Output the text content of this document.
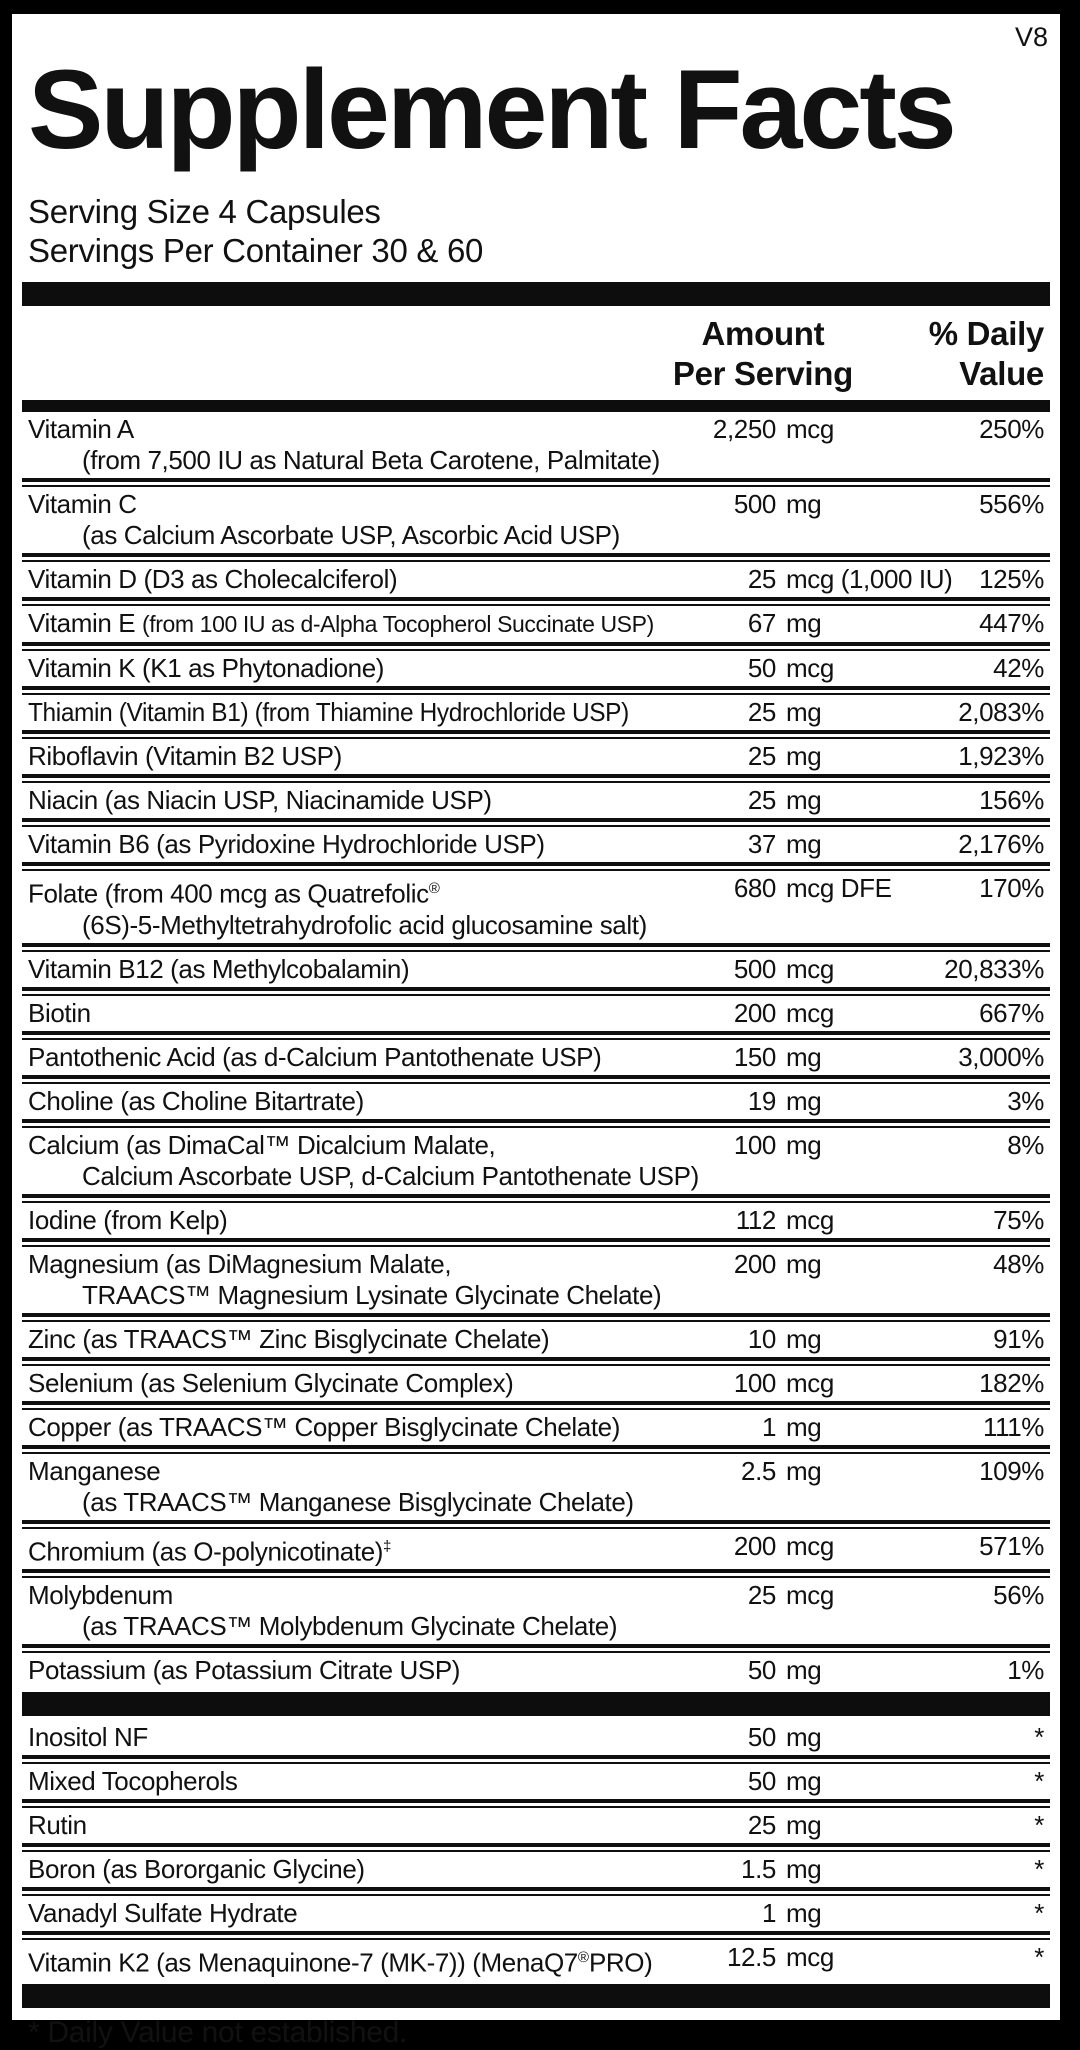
V8
Supplement Facts
Serving Size 4 Capsules
Servings Per Container 30 & 60
Amount
Per Serving
% Daily
Value
Vitamin A
(from 7,500 IU as Natural Beta Carotene, Palmitate)
2,250 mcg	250%
Vitamin C
(as Calcium Ascorbate USP, Ascorbic Acid USP)
500 mg	556%
Vitamin D (D3 as Cholecalciferol)	25 mcg (1,000 IU) 125%
Vitamin E (from 100 IU as d-Alpha Tocopherol Succinate USP)	67 mg	447%
Vitamin K (K1 as Phytonadione)	50 mcg	42%
Thiamin (Vitamin B1) (from Thiamine Hydrochloride USP)	25 mg	2,083%
Riboflavin (Vitamin B2 USP)	25 mg	1,923%
Niacin (as Niacin USP, Niacinamide USP)	25 mg	156%
Vitamin B6 (as Pyridoxine Hydrochloride USP)	37 mg	2,176%
Folate (from 400 mcg as Quatrefolic®
(6S)-5-Methyltetrahydrofolic acid glucosamine salt)
680 mcg DFE	170%
Vitamin B12 (as Methylcobalamin)	500 mcg	20,833%
Biotin	200 mcg	667%
Pantothenic Acid (as d-Calcium Pantothenate USP)	150 mg	3,000%
Choline (as Choline Bitartrate)	19 mg	3%
Calcium (as DimaCal™ Dicalcium Malate,
Calcium Ascorbate USP, d-Calcium Pantothenate USP)
100 mg	8%
Iodine (from Kelp)	112 mcg	75%
Magnesium (as DiMagnesium Malate,
TRAACS™ Magnesium Lysinate Glycinate Chelate)
200 mg	48%
Zinc (as TRAACS™ Zinc Bisglycinate Chelate)	10 mg	91%
Selenium (as Selenium Glycinate Complex)	100 mcg	182%
Copper (as TRAACS™ Copper Bisglycinate Chelate)	1 mg	111%
Manganese
(as TRAACS™ Manganese Bisglycinate Chelate)
2.5 mg	109%
Chromium (as O-polynicotinate)‡	200 mcg	571%
Molybdenum
(as TRAACS™ Molybdenum Glycinate Chelate)
25 mcg	56%
Potassium (as Potassium Citrate USP)	50 mg	1%
Inositol NF	50 mg	*
Mixed Tocopherols	50 mg	*
Rutin	25 mg	*
Boron (as Bororganic Glycine)	1.5 mg	*
Vanadyl Sulfate Hydrate	1 mg	*
Vitamin K2 (as Menaquinone-7 (MK-7)) (MenaQ7®PRO)	12.5 mcg	*
* Daily Value not established.
